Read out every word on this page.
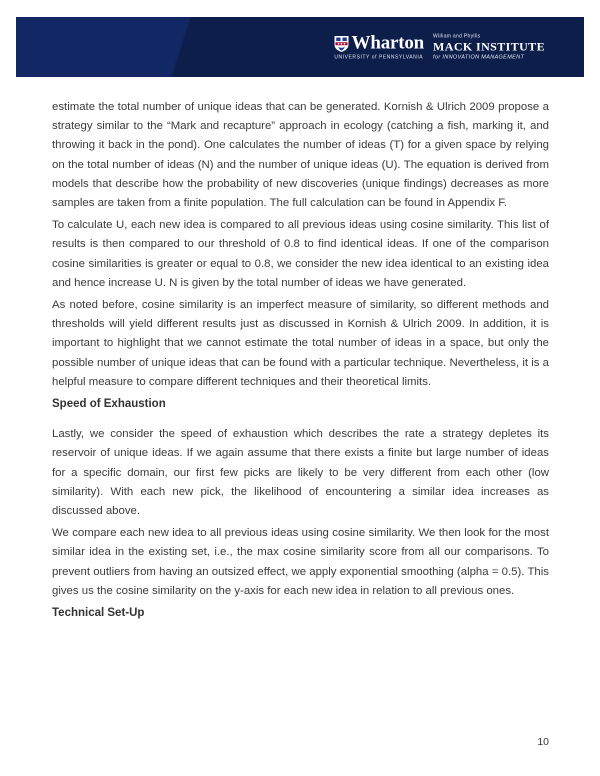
Wharton
UNIVERSITY of PENNSYLVANIA
William and Phyllis
MACK INSTITUTE
for INNOVATION MANAGEMENT

estimate the total number of unique ideas that can be generated. Kornish & Ulrich 2009 propose a strategy similar to the “Mark and recapture” approach in ecology (catching a fish, marking it, and throwing it back in the pond). One calculates the number of ideas (T) for a given space by relying on the total number of ideas (N) and the number of unique ideas (U). The equation is derived from models that describe how the probability of new discoveries (unique findings) decreases as more samples are taken from a finite population. The full calculation can be found in Appendix F.

To calculate U, each new idea is compared to all previous ideas using cosine similarity. This list of results is then compared to our threshold of 0.8 to find identical ideas. If one of the comparison cosine similarities is greater or equal to 0.8, we consider the new idea identical to an existing idea and hence increase U. N is given by the total number of ideas we have generated.

As noted before, cosine similarity is an imperfect measure of similarity, so different methods and thresholds will yield different results just as discussed in Kornish & Ulrich 2009. In addition, it is important to highlight that we cannot estimate the total number of ideas in a space, but only the possible number of unique ideas that can be found with a particular technique. Nevertheless, it is a helpful measure to compare different techniques and their theoretical limits.

Speed of Exhaustion

Lastly, we consider the speed of exhaustion which describes the rate a strategy depletes its reservoir of unique ideas. If we again assume that there exists a finite but large number of ideas for a specific domain, our first few picks are likely to be very different from each other (low similarity). With each new pick, the likelihood of encountering a similar idea increases as discussed above.

We compare each new idea to all previous ideas using cosine similarity. We then look for the most similar idea in the existing set, i.e., the max cosine similarity score from all our comparisons. To prevent outliers from having an outsized effect, we apply exponential smoothing (alpha = 0.5). This gives us the cosine similarity on the y-axis for each new idea in relation to all previous ones.

Technical Set-Up
10
